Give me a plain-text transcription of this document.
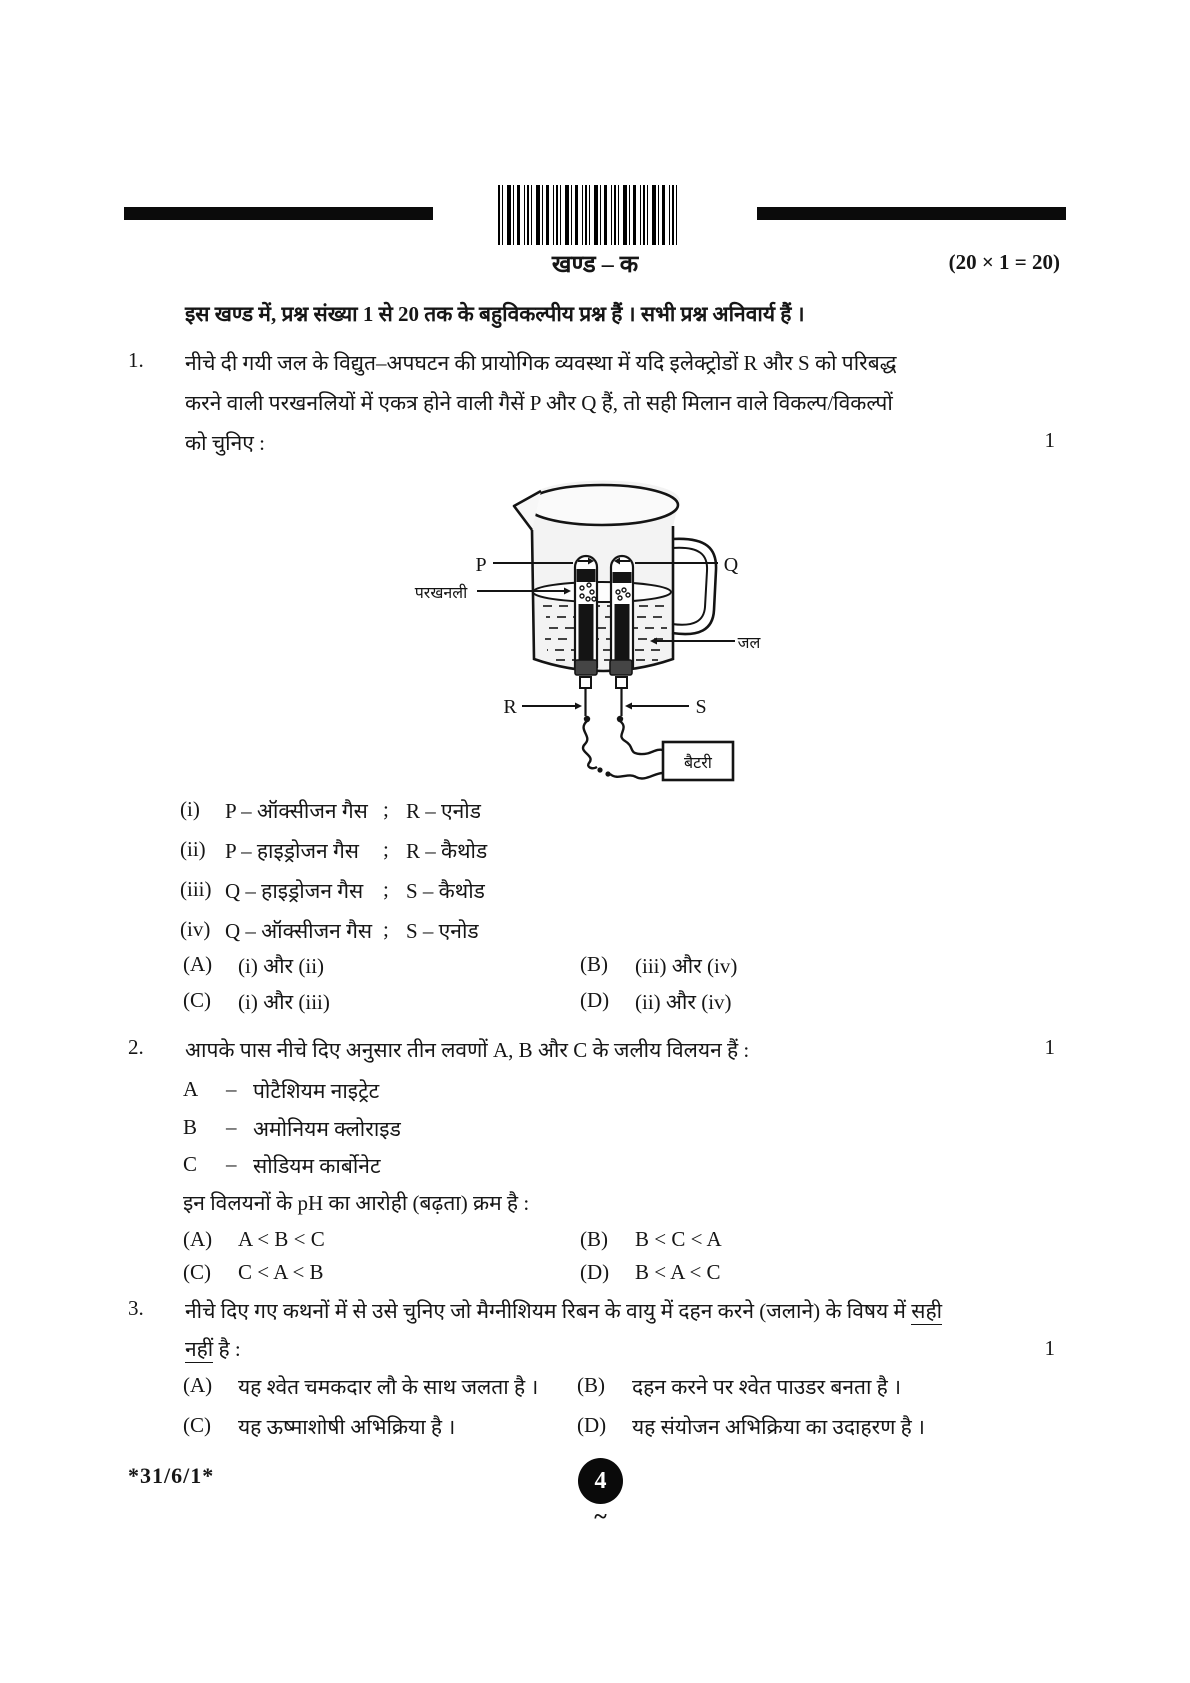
खण्ड – क	(20 × 1 = 20)
इस खण्ड में, प्रश्न संख्या 1 से 20 तक के बहुविकल्पीय प्रश्न हैं । सभी प्रश्न अनिवार्य हैं ।
1. नीचे दी गयी जल के विद्युत–अपघटन की प्रायोगिक व्यवस्था में यदि इलेक्ट्रोडों R और S को परिबद्ध
करने वाली परखनलियों में एकत्र होने वाली गैसें P और Q हैं, तो सही मिलान वाले विकल्प/विकल्पों
को चुनिए :	1
बैटरी
P	Q
परखनली
जल
R	S
(i)	P – ऑक्सीजन गैस ; R – एनोड
(ii) P – हाइड्रोजन गैस	; R – कैथोड
(iii) Q – हाइड्रोजन गैस ; S – कैथोड
(iv) Q – ऑक्सीजन गैस ; S – एनोड
(A)	(i) और (ii)	(B)	(iii) और (iv)
(C)	(i) और (iii)	(D)	(ii) और (iv)
2. आपके पास नीचे दिए अनुसार तीन लवणों A, B और C के जलीय विलयन हैं :	1
A	– पोटैशियम नाइट्रेट
B	– अमोनियम क्लोराइड
C	– सोडियम कार्बोनेट
इन विलयनों के pH का आरोही (बढ़ता) क्रम है :
(A)	A < B < C	(B)	B < C < A
(C)	C < A < B	(D)	B < A < C
3. नीचे दिए गए कथनों में से उसे चुनिए जो मैग्नीशियम रिबन के वायु में दहन करने (जलाने) के विषय में सही
नहीं है :	1
(A)	यह श्वेत चमकदार लौ के साथ जलता है । (B)	दहन करने पर श्वेत पाउडर बनता है ।
(C)	यह ऊष्माशोषी अभिक्रिया है ।	(D)	यह संयोजन अभिक्रिया का उदाहरण है ।
*31/6/1*	4
~
